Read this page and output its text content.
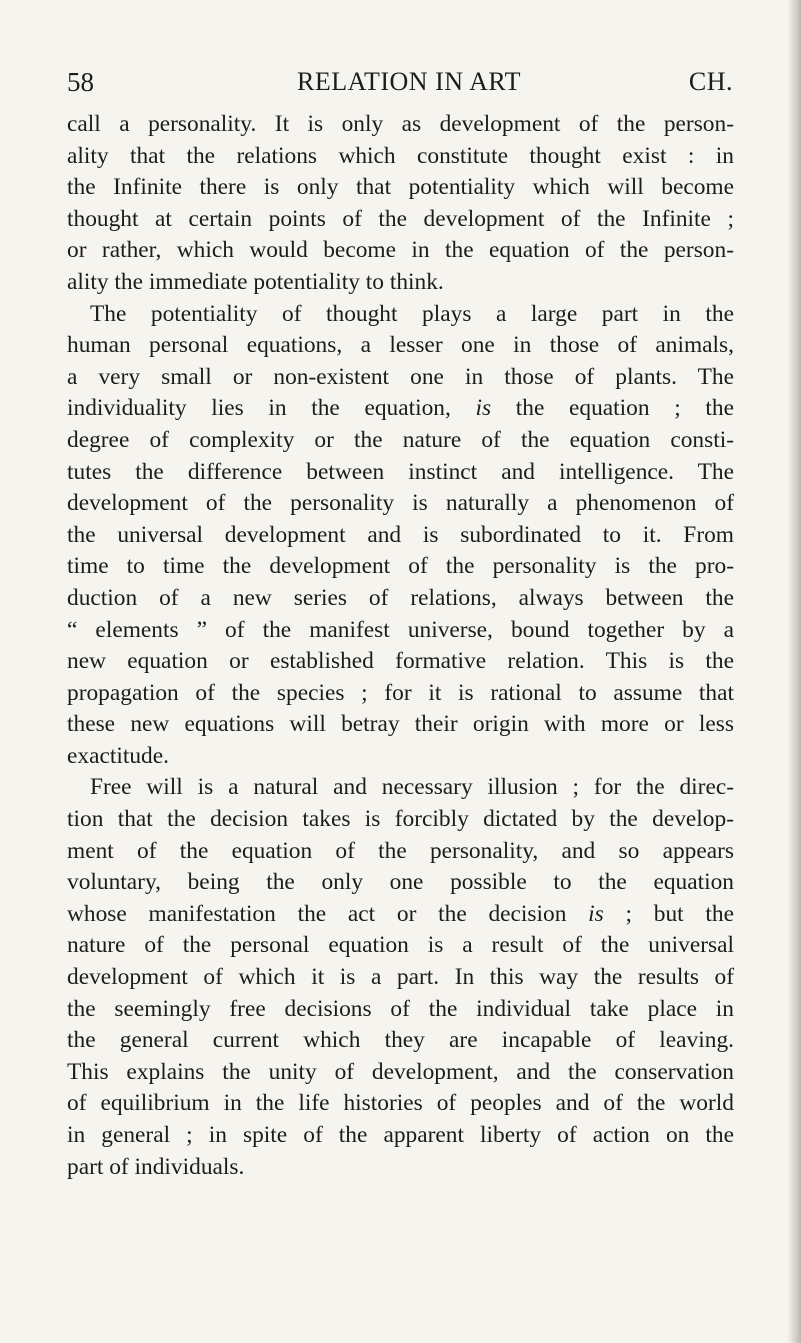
58	RELATION IN ART	CH.
call a personality. It is only as development of the person-
ality that the relations which constitute thought exist : in
the Infinite there is only that potentiality which will become
thought at certain points of the development of the Infinite ;
or rather, which would become in the equation of the person-
ality the immediate potentiality to think.
The potentiality of thought plays a large part in the
human personal equations, a lesser one in those of animals,
a very small or non-existent one in those of plants. The
individuality lies in the equation, is the equation ; the
degree of complexity or the nature of the equation consti-
tutes the difference between instinct and intelligence. The
development of the personality is naturally a phenomenon of
the universal development and is subordinated to it. From
time to time the development of the personality is the pro-
duction of a new series of relations, always between the
“ elements ” of the manifest universe, bound together by a
new equation or established formative relation. This is the
propagation of the species ; for it is rational to assume that
these new equations will betray their origin with more or less
exactitude.
Free will is a natural and necessary illusion ; for the direc-
tion that the decision takes is forcibly dictated by the develop-
ment of the equation of the personality, and so appears
voluntary, being the only one possible to the equation
whose manifestation the act or the decision is ; but the
nature of the personal equation is a result of the universal
development of which it is a part. In this way the results of
the seemingly free decisions of the individual take place in
the general current which they are incapable of leaving.
This explains the unity of development, and the conservation
of equilibrium in the life histories of peoples and of the world
in general ; in spite of the apparent liberty of action on the
part of individuals.
